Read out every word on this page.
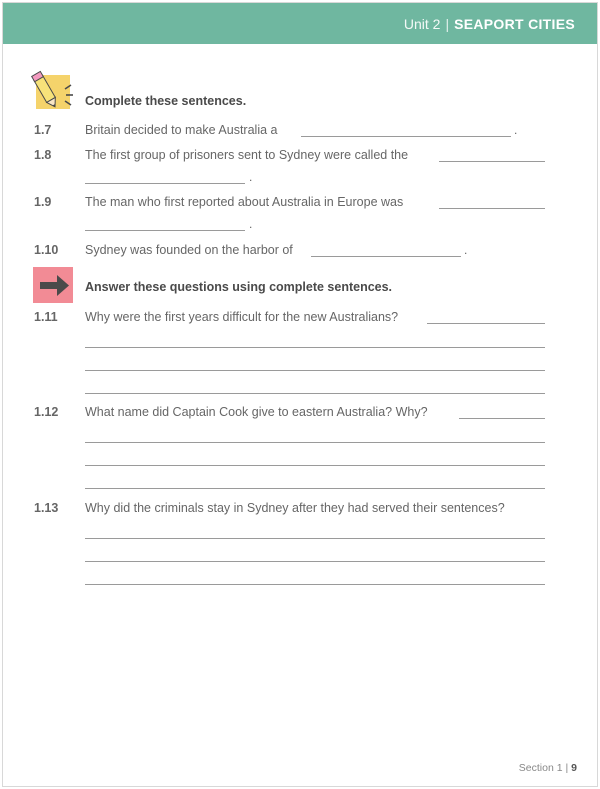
Unit 2 | SEAPORT CITIES
Complete these sentences.
1.7	Britain decided to make Australia a	.
1.8	The first group of prisoners sent to Sydney were called the
.
1.9	The man who first reported about Australia in Europe was
.
1.10 Sydney was founded on the harbor of	.
Answer these questions using complete sentences.
1.11 Why were the first years difficult for the new Australians?
1.12 What name did Captain Cook give to eastern Australia? Why?
1.13 Why did the criminals stay in Sydney after they had served their sentences?
Section 1 | 9
